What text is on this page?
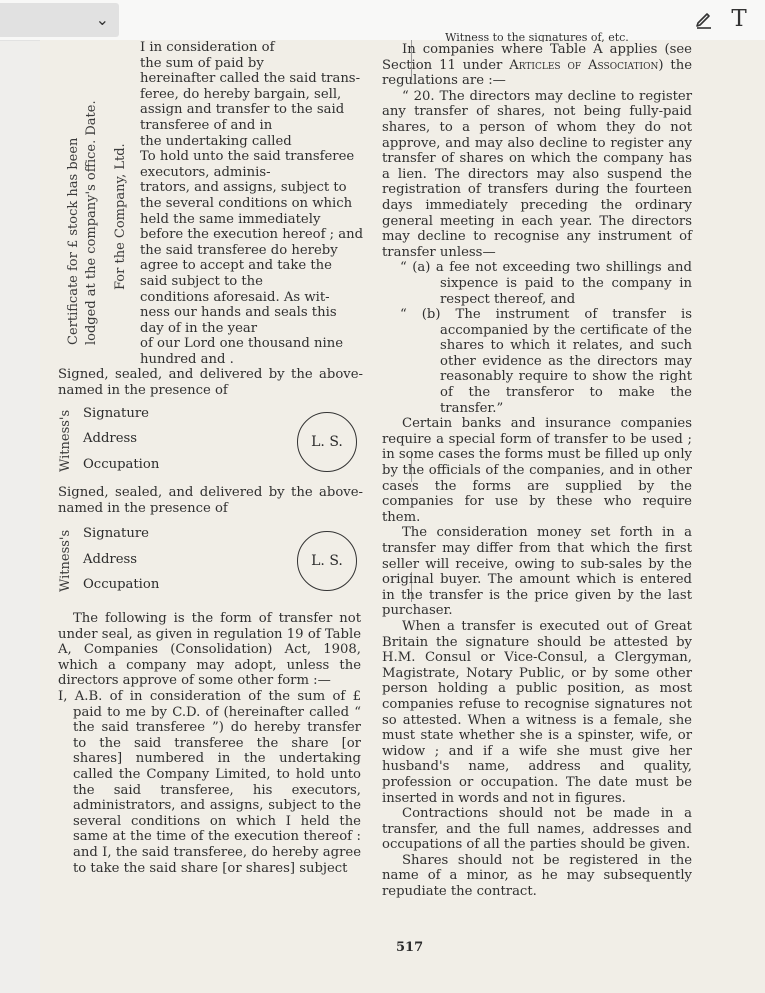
⌄	T
Certificate for £ stock has been lodged at the company's office. Date. For the Company, Ltd.
I in consideration of
the sum of paid by
hereinafter called the said trans-
feree, do hereby bargain, sell,
assign and transfer to the said
transferee of and in
the undertaking called
To hold unto the said transferee
executors, adminis-
trators, and assigns, subject to
the several conditions on which
held the same immediately
before the execution hereof ; and
the said transferee do hereby
agree to accept and take the
said subject to the
conditions aforesaid. As wit-
ness our hands and seals this
day of in the year
of our Lord one thousand nine
hundred and .
Signed, sealed, and delivered by the above- named in the presence of
Witness's Signature
Address
Occupation
L. S.
Signed, sealed, and delivered by the above- named in the presence of
Witness's Signature
Address
Occupation
L. S.

The following is the form of transfer not under seal, as given in regulation 19 of Table A, Companies (Consolidation) Act, 1908, which a company may adopt, unless the directors approve of some other form :—

I, A.B. of in consideration of the sum of £ paid to me by C.D. of (hereinafter called “ the said transferee ”) do hereby transfer to the said transferee the share [or shares] numbered in the undertaking called the Company Limited, to hold unto the said transferee, his executors, administrators, and assigns, subject to the several conditions on which I held the same at the time of the execution thereof : and I, the said transferee, do hereby agree to take the said share [or shares] subject

Witness to the signatures of, etc.

In companies where Table A applies (see Section 11 under Articles of Association) the regulations are :—

“ 20. The directors may decline to register any transfer of shares, not being fully-paid shares, to a person of whom they do not approve, and may also decline to register any transfer of shares on which the company has a lien. The directors may also suspend the registration of transfers during the fourteen days immediately preceding the ordinary general meeting in each year. The directors may decline to recognise any instrument of transfer unless—

“ (a) a fee not exceeding two shillings and sixpence is paid to the company in respect thereof, and

“ (b) The instrument of transfer is accompanied by the certificate of the shares to which it relates, and such other evidence as the directors may reasonably require to show the right of the transferor to make the transfer.”

Certain banks and insurance companies require a special form of transfer to be used ; in some cases the forms must be filled up only by the officials of the companies, and in other cases the forms are supplied by the companies for use by these who require them.

The consideration money set forth in a transfer may differ from that which the first seller will receive, owing to sub-sales by the original buyer. The amount which is entered in the transfer is the price given by the last purchaser.

When a transfer is executed out of Great Britain the signature should be attested by H.M. Consul or Vice-Consul, a Clergyman, Magistrate, Notary Public, or by some other person holding a public position, as most companies refuse to recognise signatures not so attested. When a witness is a female, she must state whether she is a spinster, wife, or widow ; and if a wife she must give her husband's name, address and quality, profession or occupation. The date must be inserted in words and not in figures.

Contractions should not be made in a transfer, and the full names, addresses and occupations of all the parties should be given.

Shares should not be registered in the name of a minor, as he may subsequently repudiate the contract.

517
